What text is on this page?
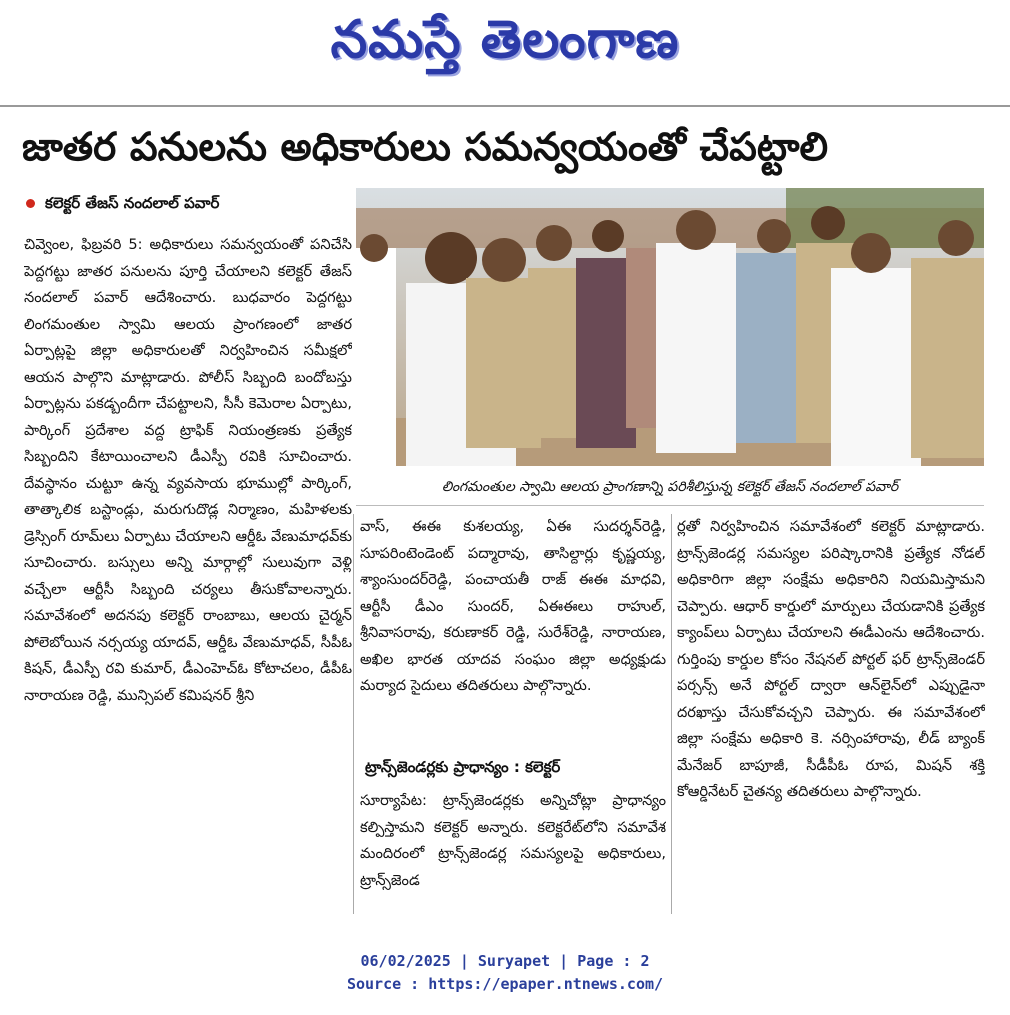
నమస్తే తెలంగాణ
జాతర పనులను అధికారులు సమన్వయంతో చేపట్టాలి
కలెక్టర్ తేజస్ నందలాల్ పవార్
చివ్వెంల, ఫిబ్రవరి 5: అధికారులు సమన్వయంతో పనిచేసి పెద్దగట్టు జాతర పనులను పూర్తి చేయాలని కలెక్టర్ తేజస్ నందలాల్ పవార్ ఆదేశించారు. బుధవారం పెద్దగట్టు లింగమంతుల స్వామి ఆలయ ప్రాంగణంలో జాతర ఏర్పాట్లపై జిల్లా అధికారులతో నిర్వహించిన సమీక్షలో ఆయన పాల్గొని మాట్లాడారు. పోలీస్ సిబ్బంది బందోబస్తు ఏర్పాట్లను పకడ్బందీగా చేపట్టాలని, సీసీ కెమెరాల ఏర్పాటు, పార్కింగ్ ప్రదేశాల వద్ద ట్రాఫిక్ నియంత్రణకు ప్రత్యేక సిబ్బందిని కేటాయించాలని డీఎస్పీ రవికి సూచించారు. దేవస్థానం చుట్టూ ఉన్న వ్యవసాయ భూముల్లో పార్కింగ్, తాత్కాలిక బస్టాండ్లు, మరుగుదొడ్ల నిర్మాణం, మహిళలకు డ్రెస్సింగ్ రూమ్‌లు ఏర్పాటు చేయాలని ఆర్డీఓ వేణుమాధవ్‌కు సూచించారు. బస్సులు అన్ని మార్గాల్లో సులువుగా వెళ్లి వచ్చేలా ఆర్టీసీ సిబ్బంది చర్యలు తీసుకోవాలన్నారు. సమావేశంలో అదనపు కలెక్టర్ రాంబాబు, ఆలయ చైర్మన్ పోలెబోయిన నర్సయ్య యాదవ్, ఆర్డీఓ వేణుమాధవ్, సీపీఓ కిషన్, డీఎస్పీ రవి కుమార్, డీఎంహెచ్ఓ కోటాచలం, డీపీఓ నారాయణ రెడ్డి, మున్సిపల్ కమిషనర్ శ్రీని
లింగమంతుల స్వామి ఆలయ ప్రాంగణాన్ని పరిశీలిస్తున్న కలెక్టర్ తేజస్ నందలాల్ పవార్
వాస్, ఈఈ కుశలయ్య, ఏఈ సుదర్శన్‌రెడ్డి, సూపరింటెండెంట్ పద్మారావు, తాసిల్దార్లు కృష్ణయ్య, శ్యాంసుందర్‌రెడ్డి, పంచాయతీ రాజ్ ఈఈ మాధవి, ఆర్టీసీ డీఎం సుందర్, ఏఈఈలు రాహుల్, శ్రీనివాసరావు, కరుణాకర్ రెడ్డి, సురేశ్‌రెడ్డి, నారాయణ, అఖిల భారత యాదవ సంఘం జిల్లా అధ్యక్షుడు మర్యాద సైదులు తదితరులు పాల్గొన్నారు.
ట్రాన్స్‌జెండర్లకు ప్రాధాన్యం : కలెక్టర్
సూర్యాపేట: ట్రాన్స్‌జెండర్లకు అన్నిచోట్లా ప్రాధాన్యం కల్పిస్తామని కలెక్టర్ అన్నారు. కలెక్టరేట్‌లోని సమావేశ మందిరంలో ట్రాన్స్‌జెండర్ల సమస్యలపై అధికారులు, ట్రాన్స్‌జెండ
ర్లతో నిర్వహించిన సమావేశంలో కలెక్టర్ మాట్లాడారు. ట్రాన్స్‌జెండర్ల సమస్యల పరిష్కారానికి ప్రత్యేక నోడల్ అధికారిగా జిల్లా సంక్షేమ అధికారిని నియమిస్తామని చెప్పారు. ఆధార్ కార్డులో మార్పులు చేయడానికి ప్రత్యేక క్యాంప్‌లు ఏర్పాటు చేయాలని ఈడీఎంను ఆదేశించారు. గుర్తింపు కార్డుల కోసం నేషనల్ పోర్టల్ ఫర్ ట్రాన్స్‌జెండర్ పర్సన్స్ అనే పోర్టల్ ద్వారా ఆన్‌లైన్‌లో ఎప్పుడైనా దరఖాస్తు చేసుకోవచ్చని చెప్పారు. ఈ సమావేశంలో జిల్లా సంక్షేమ అధికారి కె. నర్సింహారావు, లీడ్ బ్యాంక్ మేనేజర్ బాపూజీ, సీడీపీఓ రూప, మిషన్ శక్తి కోఆర్డినేటర్ చైతన్య తదితరులు పాల్గొన్నారు.
06/02/2025 | Suryapet | Page : 2
Source : https://epaper.ntnews.com/
